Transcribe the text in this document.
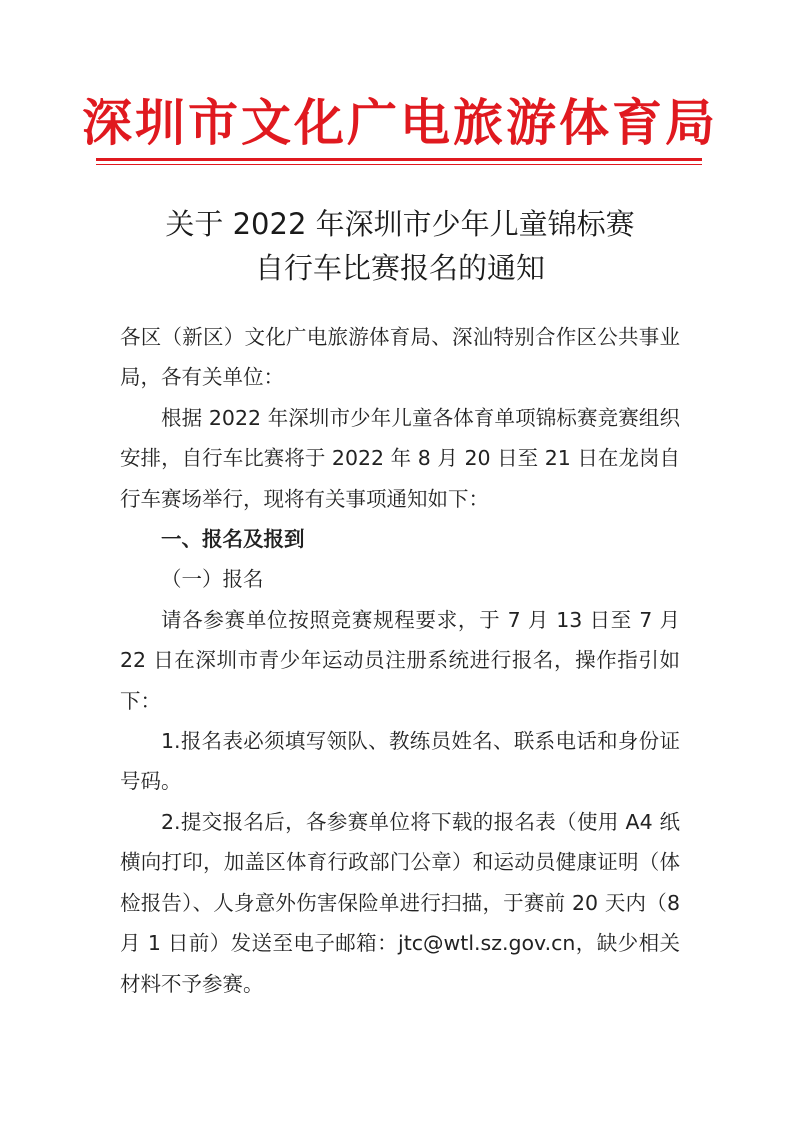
深圳市文化广电旅游体育局
关于 2022 年深圳市少年儿童锦标赛
自行车比赛报名的通知

各区（新区）文化广电旅游体育局、深汕特别合作区公共事业局，各有关单位：

根据 2022 年深圳市少年儿童各体育单项锦标赛竞赛组织安排，自行车比赛将于 2022 年 8 月 20 日至 21 日在龙岗自行车赛场举行，现将有关事项通知如下：

一、报名及报到

（一）报名

请各参赛单位按照竞赛规程要求，于 7 月 13 日至 7 月 22 日在深圳市青少年运动员注册系统进行报名，操作指引如下：

1.报名表必须填写领队、教练员姓名、联系电话和身份证号码。

2.提交报名后，各参赛单位将下载的报名表（使用 A4 纸横向打印，加盖区体育行政部门公章）和运动员健康证明（体检报告）、人身意外伤害保险单进行扫描，于赛前 20 天内（8 月 1 日前）发送至电子邮箱：jtc@wtl.sz.gov.cn，缺少相关材料不予参赛。
